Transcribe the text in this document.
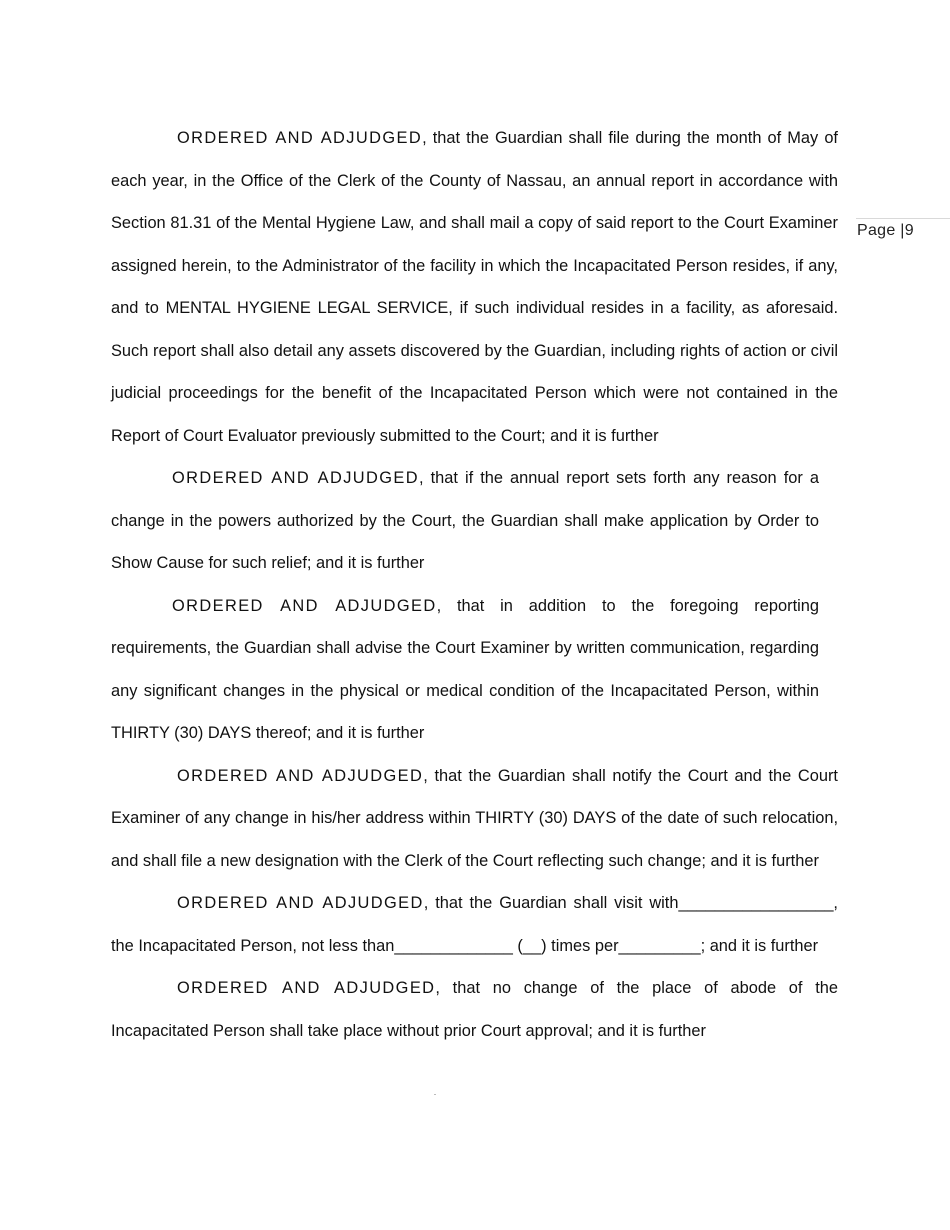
Page |9

ORDERED AND ADJUDGED, that the Guardian shall file during the month of May of each year, in the Office of the Clerk of the County of Nassau, an annual report in accordance with Section 81.31 of the Mental Hygiene Law, and shall mail a copy of said report to the Court Examiner assigned herein, to the Administrator of the facility in which the Incapacitated Person resides, if any, and to MENTAL HYGIENE LEGAL SERVICE, if such individual resides in a facility, as aforesaid. Such report shall also detail any assets discovered by the Guardian, including rights of action or civil judicial proceedings for the benefit of the Incapacitated Person which were not contained in the Report of Court Evaluator previously submitted to the Court; and it is further

ORDERED AND ADJUDGED, that if the annual report sets forth any reason for a change in the powers authorized by the Court, the Guardian shall make application by Order to Show Cause for such relief; and it is further

ORDERED AND ADJUDGED, that in addition to the foregoing reporting requirements, the Guardian shall advise the Court Examiner by written communication, regarding any significant changes in the physical or medical condition of the Incapacitated Person, within THIRTY (30) DAYS thereof; and it is further

ORDERED AND ADJUDGED, that the Guardian shall notify the Court and the Court Examiner of any change in his/her address within THIRTY (30) DAYS of the date of such relocation, and shall file a new designation with the Clerk of the Court reflecting such change; and it is further

ORDERED AND ADJUDGED, that the Guardian shall visit with_________________, the Incapacitated Person, not less than_____________ (__) times per_________; and it is further

ORDERED AND ADJUDGED, that no change of the place of abode of the Incapacitated Person shall take place without prior Court approval; and it is further
